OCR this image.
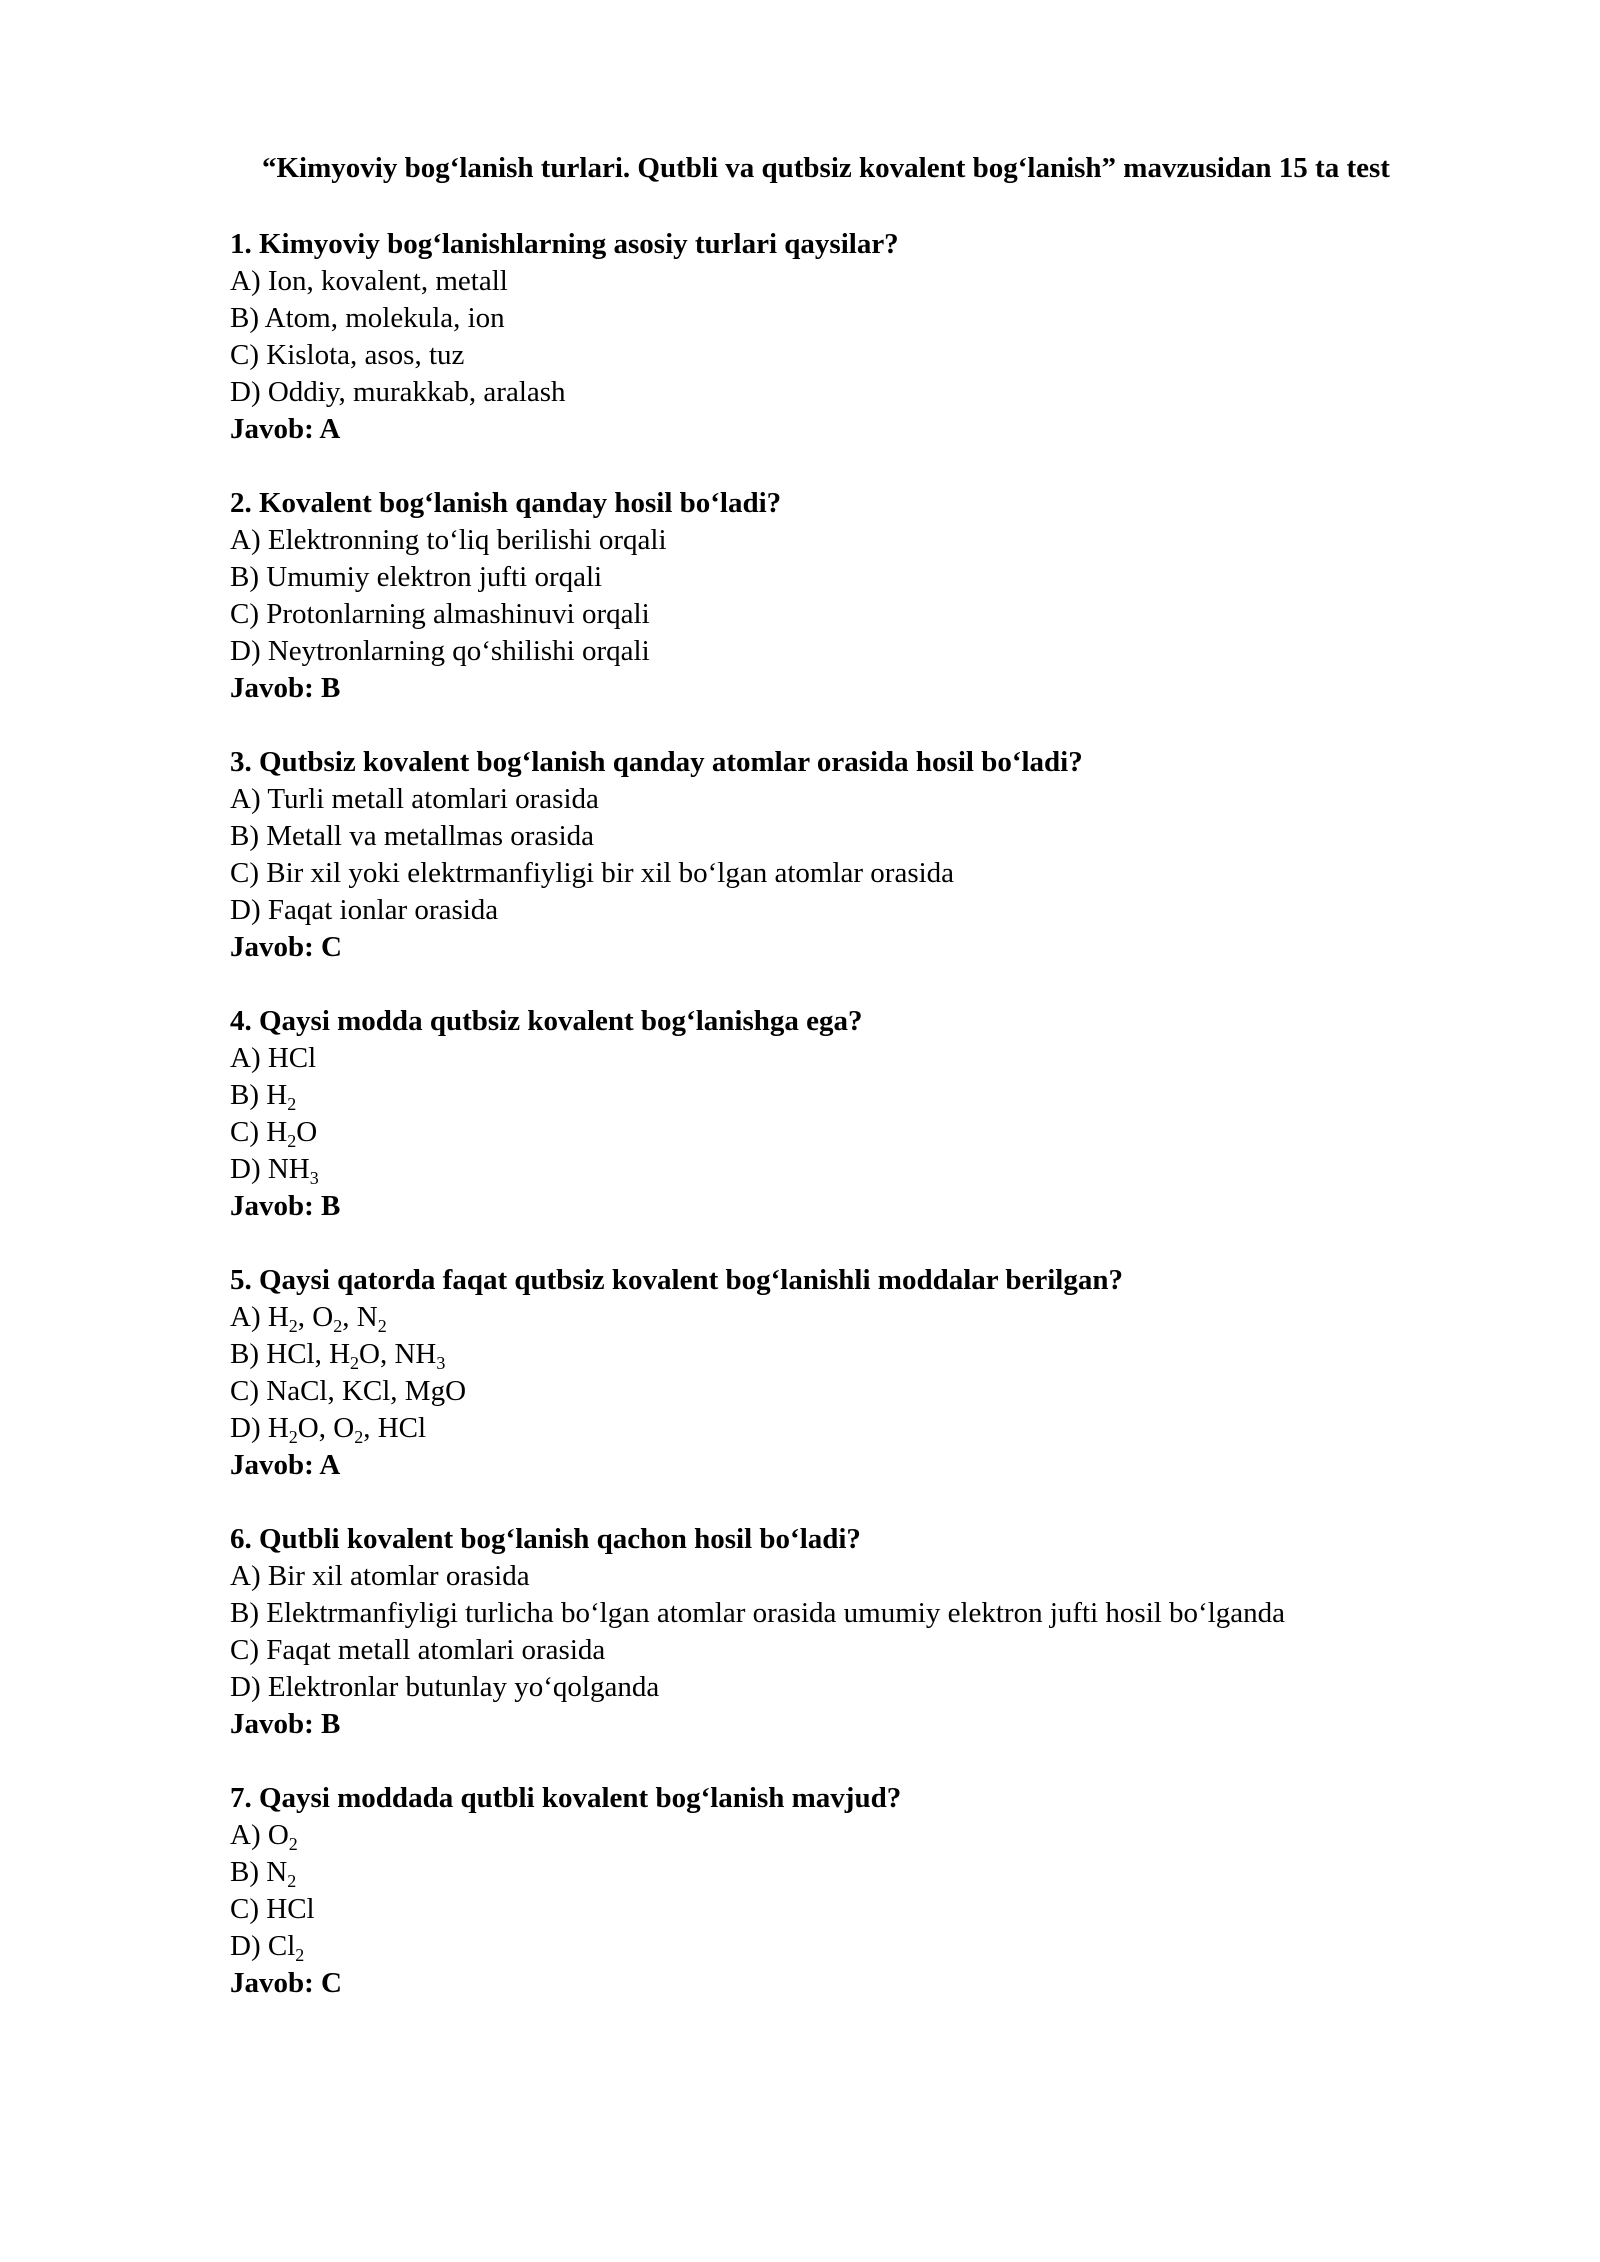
“Kimyoviy bog‘lanish turlari. Qutbli va qutbsiz kovalent bog‘lanish” mavzusidan 15 ta test
1. Kimyoviy bog‘lanishlarning asosiy turlari qaysilar?
A) Ion, kovalent, metall
B) Atom, molekula, ion
C) Kislota, asos, tuz
D) Oddiy, murakkab, aralash
Javob: A
2. Kovalent bog‘lanish qanday hosil bo‘ladi?
A) Elektronning to‘liq berilishi orqali
B) Umumiy elektron jufti orqali
C) Protonlarning almashinuvi orqali
D) Neytronlarning qo‘shilishi orqali
Javob: B
3. Qutbsiz kovalent bog‘lanish qanday atomlar orasida hosil bo‘ladi?
A) Turli metall atomlari orasida
B) Metall va metallmas orasida
C) Bir xil yoki elektrmanfiyligi bir xil bo‘lgan atomlar orasida
D) Faqat ionlar orasida
Javob: C
4. Qaysi modda qutbsiz kovalent bog‘lanishga ega?
A) HCl
B) $H_2$
C) $H_2O$
D) $NH_3$
Javob: B
5. Qaysi qatorda faqat qutbsiz kovalent bog‘lanishli moddalar berilgan?
A) $H_2$, $O_2$, $N_2$
B) HCl, $H_2O$, $NH_3$
C) NaCl, KCl, MgO
D) $H_2O$, $O_2$, HCl
Javob: A
6. Qutbli kovalent bog‘lanish qachon hosil bo‘ladi?
A) Bir xil atomlar orasida
B) Elektrmanfiyligi turlicha bo‘lgan atomlar orasida umumiy elektron jufti hosil bo‘lganda
C) Faqat metall atomlari orasida
D) Elektronlar butunlay yo‘qolganda
Javob: B
7. Qaysi moddada qutbli kovalent bog‘lanish mavjud?
A) $O_2$
B) $N_2$
C) HCl
D) $Cl_2$
Javob: C
